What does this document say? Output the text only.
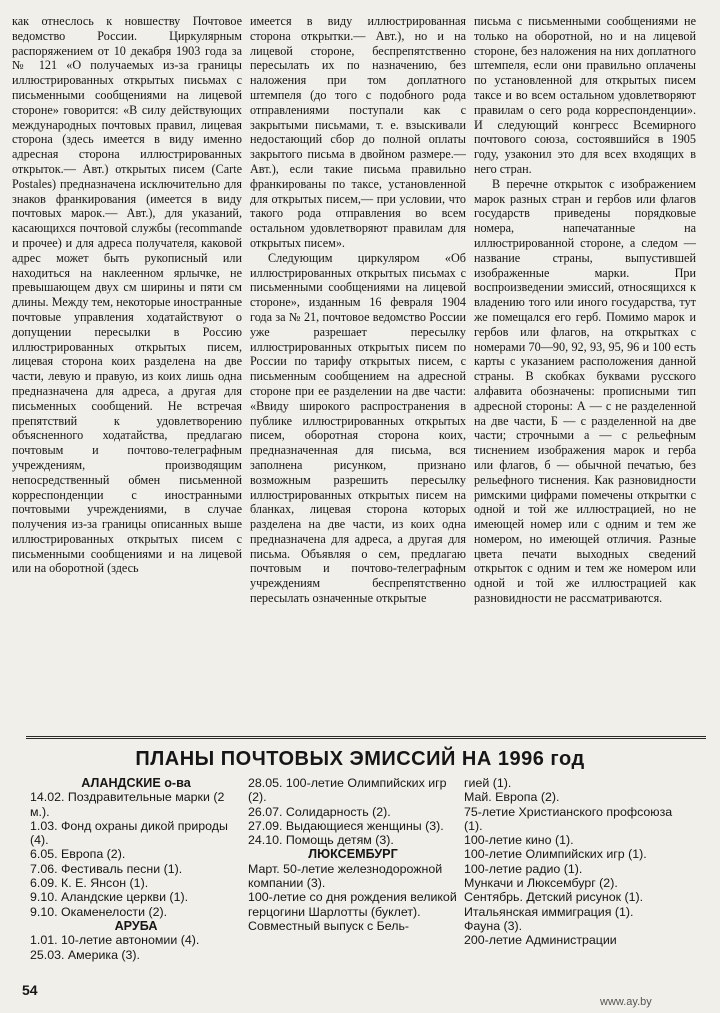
как отнеслось к новшеству Почтовое ведомство России. Циркулярным распоряжением от 10 декабря 1903 года за № 121 «О получаемых из-за границы иллюстрированных открытых письмах с письменными сообщениями на лицевой стороне» говорится: «В силу действующих международных почтовых правил, лицевая сторона (здесь имеется в виду именно адресная сторона иллюстрированных открыток.— Авт.) открытых писем (Carte Postales) предназначена исключительно для знаков франкирования (имеется в виду почтовых марок.— Авт.), для указаний, касающихся почтовой службы (recommande и прочее) и для адреса получателя, каковой адрес может быть рукописный или находиться на наклеенном ярлычке, не превышающем двух см ширины и пяти см длины. Между тем, некоторые иностранные почтовые управления ходатайствуют о допущении пересылки в Россию иллюстрированных открытых писем, лицевая сторона коих разделена на две части, левую и правую, из коих лишь одна предназначена для адреса, а другая для письменных сообщений. Не встречая препятствий к удовлетворению объясненного ходатайства, предлагаю почтовым и почтово-телеграфным учреждениям, производящим непосредственный обмен письменной корреспонденции с иностранными почтовыми учреждениями, в случае получения из-за границы описанных выше иллюстрированных открытых писем с письменными сообщениями и на лицевой или на оборотной (здесь

имеется в виду иллюстрированная сторона открытки.— Авт.), но и на лицевой стороне, беспрепятственно пересылать их по назначению, без наложения при том доплатного штемпеля (до того с подобного рода отправлениями поступали как с закрытыми письмами, т. е. взыскивали недостающий сбор до полной оплаты закрытого письма в двойном размере.— Авт.), если такие письма правильно франкированы по таксе, установленной для открытых писем,— при условии, что такого рода отправления во всем остальном удовлетворяют правилам для открытых писем».

Следующим циркуляром «Об иллюстрированных открытых письмах с письменными сообщениями на лицевой стороне», изданным 16 февраля 1904 года за № 21, почтовое ведомство России уже разрешает пересылку иллюстрированных открытых писем по России по тарифу открытых писем, с письменным сообщением на адресной стороне при ее разделении на две части: «Ввиду широкого распространения в публике иллюстрированных открытых писем, оборотная сторона коих, предназначенная для письма, вся заполнена рисунком, признано возможным разрешить пересылку иллюстрированных открытых писем на бланках, лицевая сторона которых разделена на две части, из коих одна предназначена для адреса, а другая для письма. Объявляя о сем, предлагаю почтовым и почтово-телеграфным учреждениям беспрепятственно пересылать означенные открытые

письма с письменными сообщениями не только на оборотной, но и на лицевой стороне, без наложения на них доплатного штемпеля, если они правильно оплачены по установленной для открытых писем таксе и во всем остальном удовлетворяют правилам о сего рода корреспонденции». И следующий конгресс Всемирного почтового союза, состоявшийся в 1905 году, узаконил это для всех входящих в него стран.

В перечне открыток с изображением марок разных стран и гербов или флагов государств приведены порядковые номера, напечатанные на иллюстрированной стороне, а следом — название страны, выпустившей изображенные марки. При воспроизведении эмиссий, относящихся к владению того или иного государства, тут же помещался его герб. Помимо марок и гербов или флагов, на открытках с номерами 70—90, 92, 93, 95, 96 и 100 есть карты с указанием расположения данной страны. В скобках буквами русского алфавита обозначены: прописными тип адресной стороны: А — с не разделенной на две части, Б — с разделенной на две части; строчными а — с рельефным тиснением изображения марок и герба или флагов, б — обычной печатью, без рельефного тиснения. Как разновидности римскими цифрами помечены открытки с одной и той же иллюстрацией, но не имеющей номер или с одним и тем же номером, но имеющей отличия. Разные цвета печати выходных сведений открыток с одним и тем же номером или одной и той же иллюстрацией как разновидности не рассматриваются.

ПЛАНЫ ПОЧТОВЫХ ЭМИССИЙ НА 1996 год
АЛАНДСКИЕ о-ва
14.02. Поздравительные марки (2 м.).
1.03. Фонд охраны дикой природы (4).
6.05. Европа (2).
7.06. Фестиваль песни (1).
6.09. К. Е. Янсон (1).
9.10. Аландские церкви (1).
9.10. Окаменелости (2).
АРУБА
1.01. 10-летие автономии (4).
25.03. Америка (3).
28.05. 100-летие Олимпийских игр (2).
26.07. Солидарность (2).
27.09. Выдающиеся женщины (3).
24.10. Помощь детям (3).
ЛЮКСЕМБУРГ
Март. 50-летие железнодорожной компании (3).
100-летие со дня рождения великой герцогини Шарлотты (буклет).
Совместный выпуск с Бель-
гией (1).
Май. Европа (2).
75-летие Христианского профсоюза (1).
100-летие кино (1).
100-летие Олимпийских игр (1).
100-летие радио (1).
Мункачи и Люксембург (2).
Сентябрь. Детский рисунок (1).
Итальянская иммиграция (1).
Фауна (3).
200-летие Администрации
54
www.ay.by
